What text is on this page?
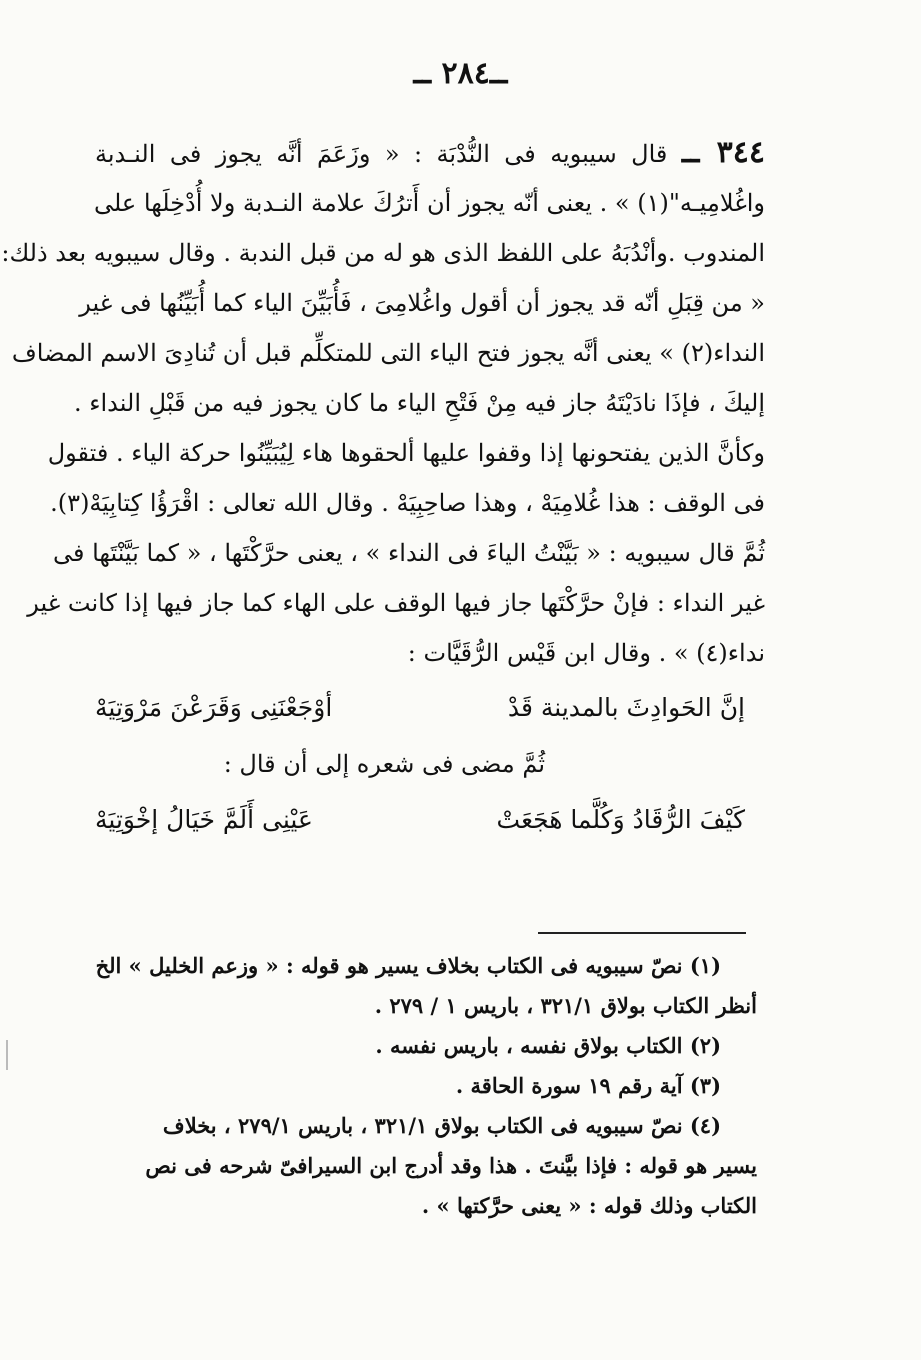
ــ٢٨٤ ــ
٣٤٤ ــ قال سيبويه فى النُّدْبَة : « وزَعَمَ أنَّه يجوز فى النـدبة
واغُلامِيـه"(١) » . يعنى أنّه يجوز أن أَترُكَ علامة النـدبة ولا أُدْخِلَها على
المندوب .وأنْدُبَهُ على اللفظ الذى هو له من قبل الندبة . وقال سيبويه بعد ذلك:
« من قِبَلِ أنّه قد يجوز أن أقول واغُلامِىَ ، فَأُبَيِّنَ الياء كما أُبَيِّنُها فى غير
النداء(٢) » يعنى أنَّه يجوز فتح الياء التى للمتكلِّم قبل أن تُنادِىَ الاسم المضاف
إليكَ ، فإذَا نادَيْتَهُ جاز فيه مِنْ فَتْحِ الياء ما كان يجوز فيه من قَبْلِ النداء .
وكأنَّ الذين يفتحونها إذا وقفوا عليها ألحقوها هاء لِيُبَيِّنُوا حركة الياء . فتقول
فى الوقف : هذا غُلامِيَهْ ، وهذا صاحِبِيَهْ . وقال الله تعالى : اقْرَؤُا كِتابِيَهْ(٣).
ثُمَّ قال سيبويه : « بَيَّنْتُ الياءَ فى النداء » ، يعنى حرَّكْتَها ، « كما بَيَّنْتَها فى
غير النداء : فإنْ حرَّكْتَها جاز فيها الوقف على الهاء كما جاز فيها إذا كانت غير
نداء(٤) » . وقال ابن قَيْس الرُّقَيَّات :
إنَّ الحَوادِثَ بالمدينة قَدْ
أوْجَعْنَنِى وَقَرَعْنَ مَرْوَتِيَهْ
ثُمَّ مضى فى شعره إلى أن قال :
كَيْفَ الرُّقَادُ وَكُلَّما هَجَعَتْ
عَيْنِى أَلَمَّ خَيَالُ إخْوَتِيَهْ
(١) نصّ سيبويه فى الكتاب بخلاف يسير هو قوله : « وزعم الخليل » الخ
أنظر الكتاب بولاق ٣٢١/١ ، باريس ١ / ٢٧٩ .
(٢) الكتاب بولاق نفسه ، باريس نفسه .
(٣) آية رقم ١٩ سورة الحاقة .
(٤) نصّ سيبويه فى الكتاب بولاق ٣٢١/١ ، باريس ٢٧٩/١ ، بخلاف
يسير هو قوله : فإذا بيَّنتَ . هذا وقد أدرج ابن السيرافىّ شرحه فى نص
الكتاب وذلك قوله : « يعنى حرَّكتها » .
